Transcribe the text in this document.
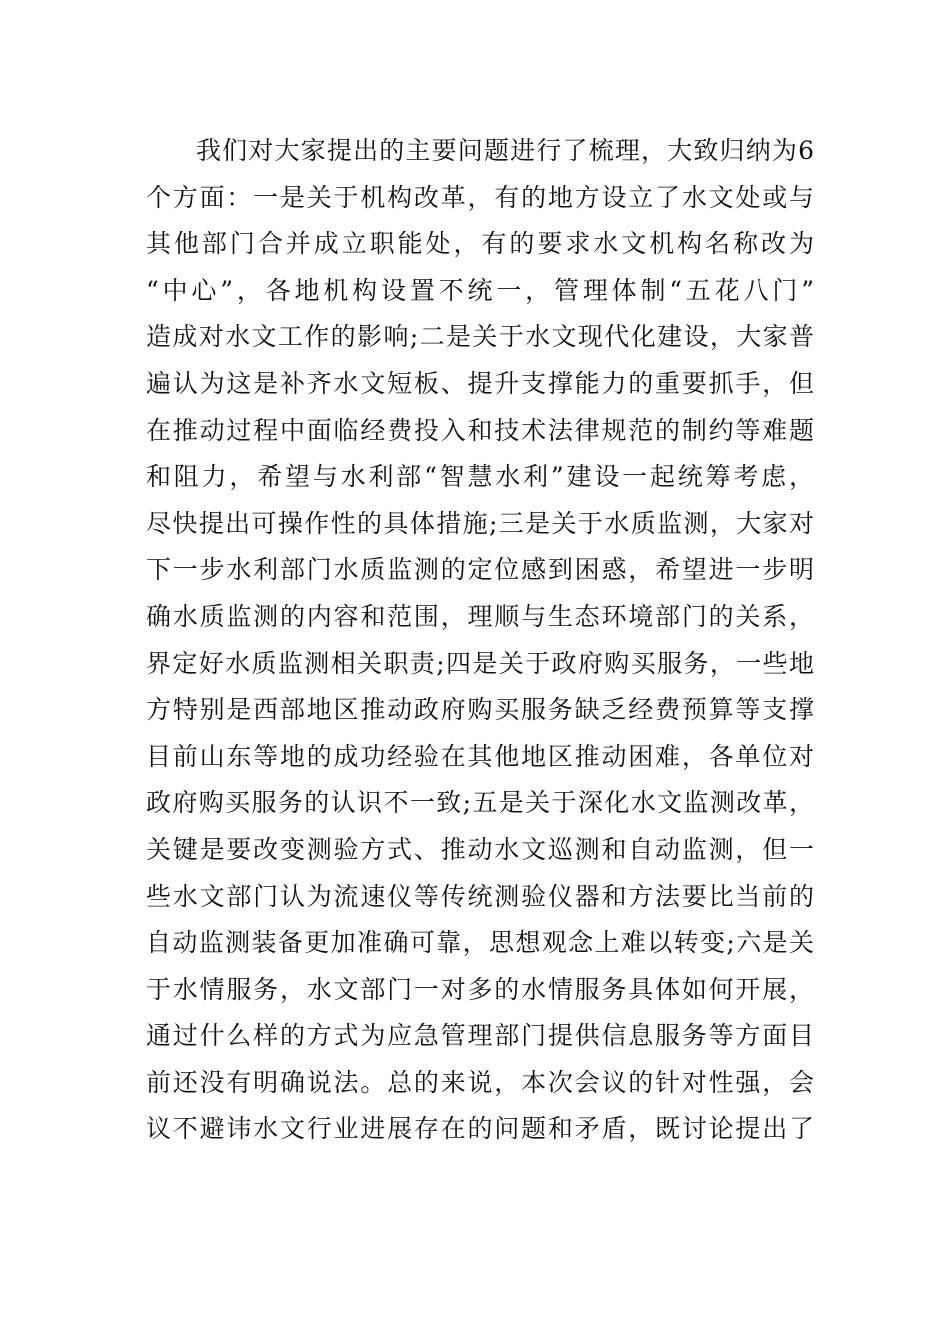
我们对大家提出的主要问题进行了梳理，大致归纳为6
个方面：一是关于机构改革，有的地方设立了水文处或与
其他部门合并成立职能处，有的要求水文机构名称改为
“中心”，各地机构设置不统一，管理体制“五花八门”
造成对水文工作的影响;二是关于水文现代化建设，大家普
遍认为这是补齐水文短板、提升支撑能力的重要抓手，但
在推动过程中面临经费投入和技术法律规范的制约等难题
和阻力，希望与水利部“智慧水利”建设一起统筹考虑，
尽快提出可操作性的具体措施;三是关于水质监测，大家对
下一步水利部门水质监测的定位感到困惑，希望进一步明
确水质监测的内容和范围，理顺与生态环境部门的关系，
界定好水质监测相关职责;四是关于政府购买服务，一些地
方特别是西部地区推动政府购买服务缺乏经费预算等支撑
目前山东等地的成功经验在其他地区推动困难，各单位对
政府购买服务的认识不一致;五是关于深化水文监测改革，
关键是要改变测验方式、推动水文巡测和自动监测，但一
些水文部门认为流速仪等传统测验仪器和方法要比当前的
自动监测装备更加准确可靠，思想观念上难以转变;六是关
于水情服务，水文部门一对多的水情服务具体如何开展，
通过什么样的方式为应急管理部门提供信息服务等方面目
前还没有明确说法。总的来说，本次会议的针对性强，会
议不避讳水文行业进展存在的问题和矛盾，既讨论提出了
